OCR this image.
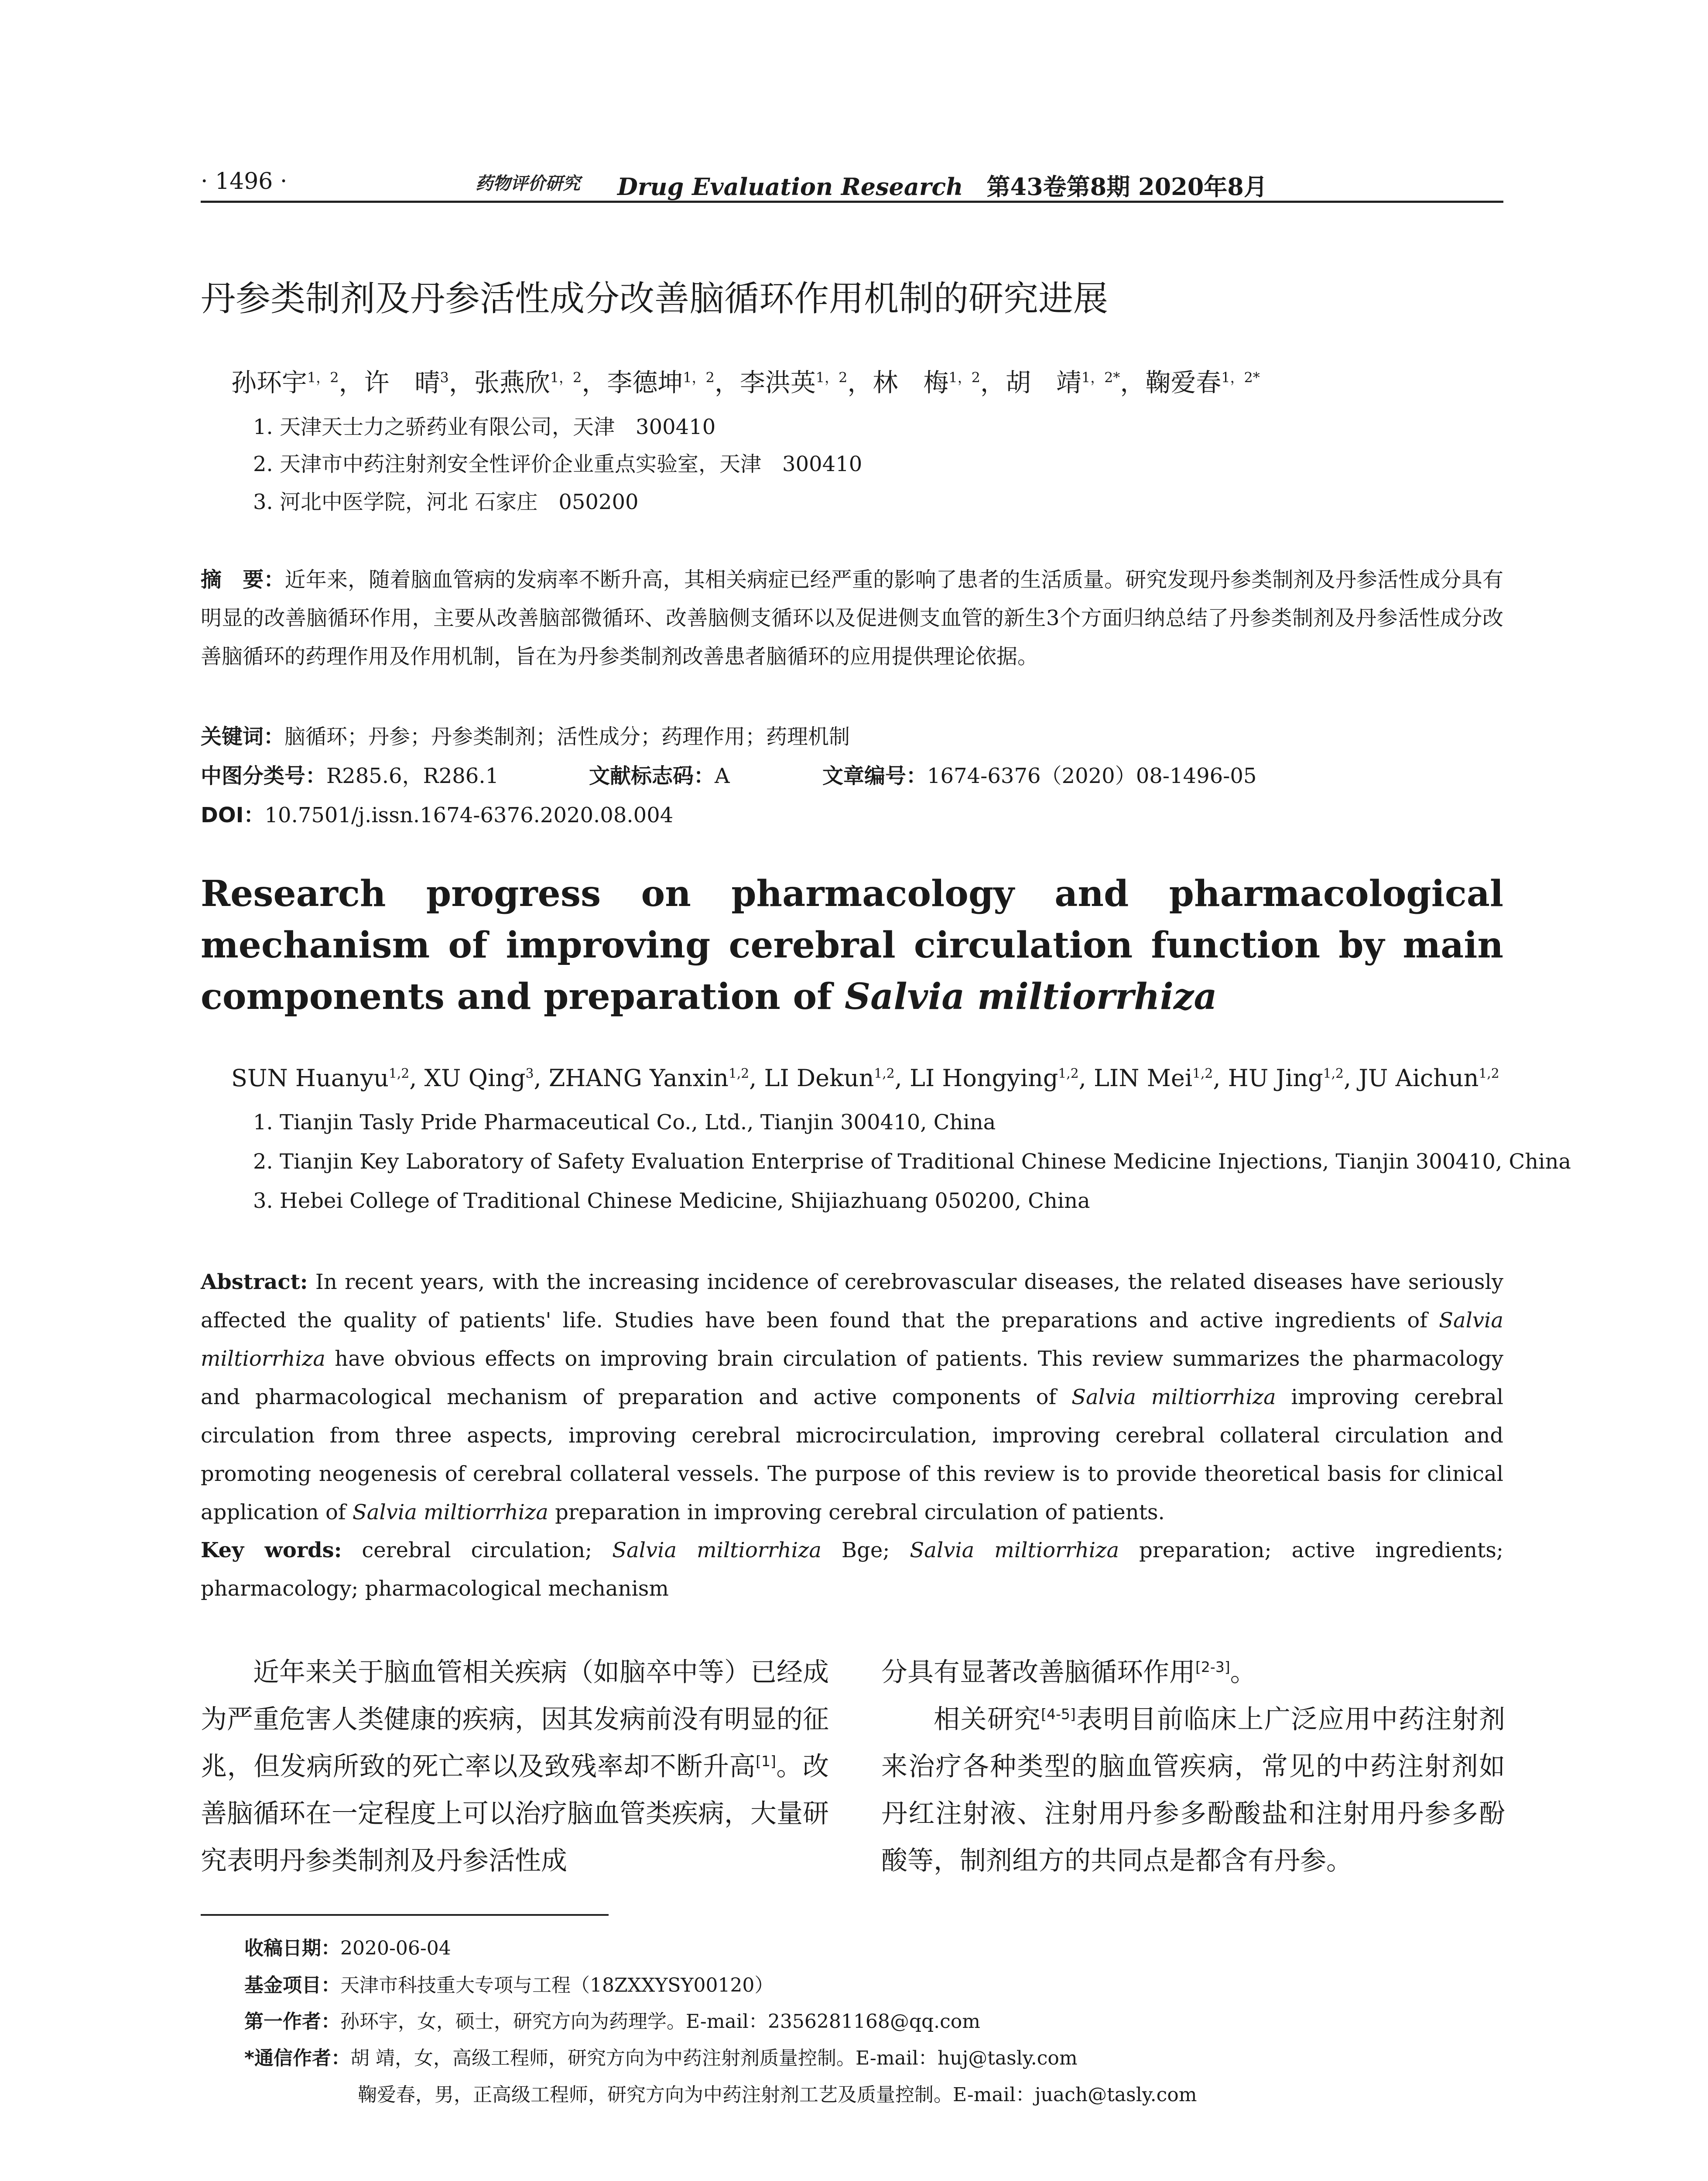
· 1496 ·	药物评价研究 Drug Evaluation Research　 第43卷第8期 2020年8月
丹参类制剂及丹参活性成分改善脑循环作用机制的研究进展
孙环宇$^{1,2}$，许　晴$^3$，张燕欣$^{1,2}$，李德坤$^{1,2}$，李洪英$^{1,2}$，林　梅$^{1,2}$，胡　靖$^{1,2*}$，鞠爱春$^{1,2*}$
1. 天津天士力之骄药业有限公司，天津　300410
2. 天津市中药注射剂安全性评价企业重点实验室，天津　300410
3. 河北中医学院，河北 石家庄　050200
摘　要：近年来，随着脑血管病的发病率不断升高，其相关病症已经严重的影响了患者的生活质量。研究发现丹参类制剂及丹参活性成分具有明显的改善脑循环作用，主要从改善脑部微循环、改善脑侧支循环以及促进侧支血管的新生3个方面归纳总结了丹参类制剂及丹参活性成分改善脑循环的药理作用及作用机制，旨在为丹参类制剂改善患者脑循环的应用提供理论依据。
关键词：脑循环；丹参；丹参类制剂；活性成分；药理作用；药理机制
中图分类号：R285.6，R286.1	文献标志码：A	文章编号：1674-6376（2020）08-1496-05
DOI：10.7501/j.issn.1674-6376.2020.08.004
Research progress on pharmacology and pharmacological mechanism of improving cerebral circulation function by main components and preparation of Salvia miltiorrhiza
SUN Huanyu$^{1,2}$, XU Qing$^3$, ZHANG Yanxin$^{1,2}$, LI Dekun$^{1,2}$, LI Hongying$^{1,2}$, LIN Mei$^{1,2}$, HU Jing$^{1,2}$, JU Aichun$^{1,2}$
1. Tianjin Tasly Pride Pharmaceutical Co., Ltd., Tianjin 300410, China
2. Tianjin Key Laboratory of Safety Evaluation Enterprise of Traditional Chinese Medicine Injections, Tianjin 300410, China
3. Hebei College of Traditional Chinese Medicine, Shijiazhuang 050200, China
Abstract: In recent years, with the increasing incidence of cerebrovascular diseases, the related diseases have seriously affected the quality of patients' life. Studies have been found that the preparations and active ingredients of Salvia miltiorrhiza have obvious effects on improving brain circulation of patients. This review summarizes the pharmacology and pharmacological mechanism of preparation and active components of Salvia miltiorrhiza improving cerebral circulation from three aspects, improving cerebral microcirculation, improving cerebral collateral circulation and promoting neogenesis of cerebral collateral vessels. The purpose of this review is to provide theoretical basis for clinical application of Salvia miltiorrhiza preparation in improving cerebral circulation of patients.
Key words: cerebral circulation; Salvia miltiorrhiza Bge; Salvia miltiorrhiza preparation; active ingredients; pharmacology; pharmacological mechanism

近年来关于脑血管相关疾病（如脑卒中等）已经成为严重危害人类健康的疾病，因其发病前没有明显的征兆，但发病所致的死亡率以及致残率却不断升高[1]。改善脑循环在一定程度上可以治疗脑血管类疾病，大量研究表明丹参类制剂及丹参活性成

分具有显著改善脑循环作用[2-3]。

相关研究[4-5]表明目前临床上广泛应用中药注射剂来治疗各种类型的脑血管疾病，常见的中药注射剂如丹红注射液、注射用丹参多酚酸盐和注射用丹参多酚酸等，制剂组方的共同点是都含有丹参。

收稿日期：2020-06-04
基金项目：天津市科技重大专项与工程（18ZXXYSY00120）
第一作者：孙环宇，女，硕士，研究方向为药理学。E-mail：2356281168@qq.com
*通信作者：胡 靖，女，高级工程师，研究方向为中药注射剂质量控制。E-mail：huj@tasly.com
鞠爱春，男，正高级工程师，研究方向为中药注射剂工艺及质量控制。E-mail：juach@tasly.com
